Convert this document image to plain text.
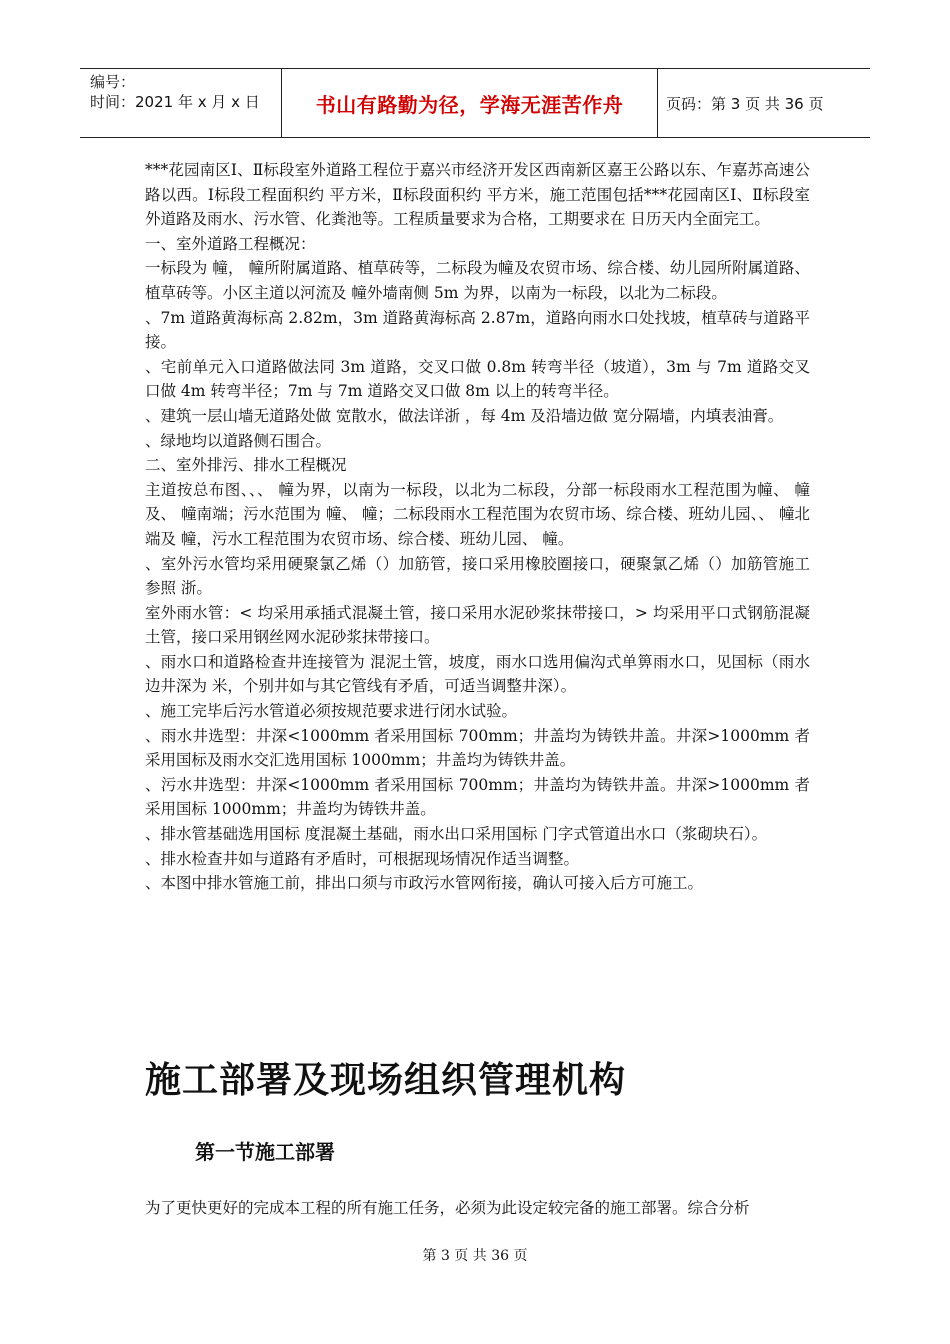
编号：
时间：2021 年 x 月 x 日	书山有路勤为径，学海无涯苦作舟	页码：第 3 页 共 36 页

***花园南区Ⅰ、Ⅱ标段室外道路工程位于嘉兴市经济开发区西南新区嘉王公路以东、乍嘉苏高速公路以西。Ⅰ标段工程面积约 平方米，Ⅱ标段面积约 平方米，施工范围包括***花园南区Ⅰ、Ⅱ标段室外道路及雨水、污水管、化粪池等。工程质量要求为合格，工期要求在 日历天内全面完工。

一、室外道路工程概况：

一标段为 幢， 幢所附属道路、植草砖等，二标段为幢及农贸市场、综合楼、幼儿园所附属道路、植草砖等。小区主道以河流及 幢外墙南侧 5m 为界，以南为一标段，以北为二标段。

、7m 道路黄海标高 2.82m，3m 道路黄海标高 2.87m，道路向雨水口处找坡，植草砖与道路平接。

、宅前单元入口道路做法同 3m 道路，交叉口做 0.8m 转弯半径（坡道），3m 与 7m 道路交叉口做 4m 转弯半径；7m 与 7m 道路交叉口做 8m 以上的转弯半径。

、建筑一层山墙无道路处做 宽散水，做法详浙 ，每 4m 及沿墙边做 宽分隔墙，内填表油膏。

、绿地均以道路侧石围合。

二、室外排污、排水工程概况

主道按总布图、、、 幢为界，以南为一标段，以北为二标段，分部一标段雨水工程范围为幢、 幢及、 幢南端；污水范围为 幢、 幢；二标段雨水工程范围为农贸市场、综合楼、班幼儿园、、 幢北端及 幢，污水工程范围为农贸市场、综合楼、班幼儿园、 幢。

、室外污水管均采用硬聚氯乙烯（）加筋管，接口采用橡胶圈接口，硬聚氯乙烯（）加筋管施工参照 浙。

室外雨水管：< 均采用承插式混凝土管，接口采用水泥砂浆抹带接口，> 均采用平口式钢筋混凝土管，接口采用钢丝网水泥砂浆抹带接口。

、雨水口和道路检查井连接管为 混泥土管，坡度，雨水口选用偏沟式单箅雨水口，见国标（雨水边井深为 米，个别井如与其它管线有矛盾，可适当调整井深）。

、施工完毕后污水管道必须按规范要求进行闭水试验。

、雨水井选型：井深<1000mm 者采用国标 700mm；井盖均为铸铁井盖。井深>1000mm 者采用国标及雨水交汇选用国标 1000mm；井盖均为铸铁井盖。

、污水井选型：井深<1000mm 者采用国标 700mm；井盖均为铸铁井盖。井深>1000mm 者采用国标 1000mm；井盖均为铸铁井盖。

、排水管基础选用国标 度混凝土基础，雨水出口采用国标 门字式管道出水口（浆砌块石）。

、排水检查井如与道路有矛盾时，可根据现场情况作适当调整。

、本图中排水管施工前，排出口须与市政污水管网衔接，确认可接入后方可施工。

施工部署及现场组织管理机构
第一节施工部署

为了更快更好的完成本工程的所有施工任务，必须为此设定较完备的施工部署。综合分析

第 3 页 共 36 页
